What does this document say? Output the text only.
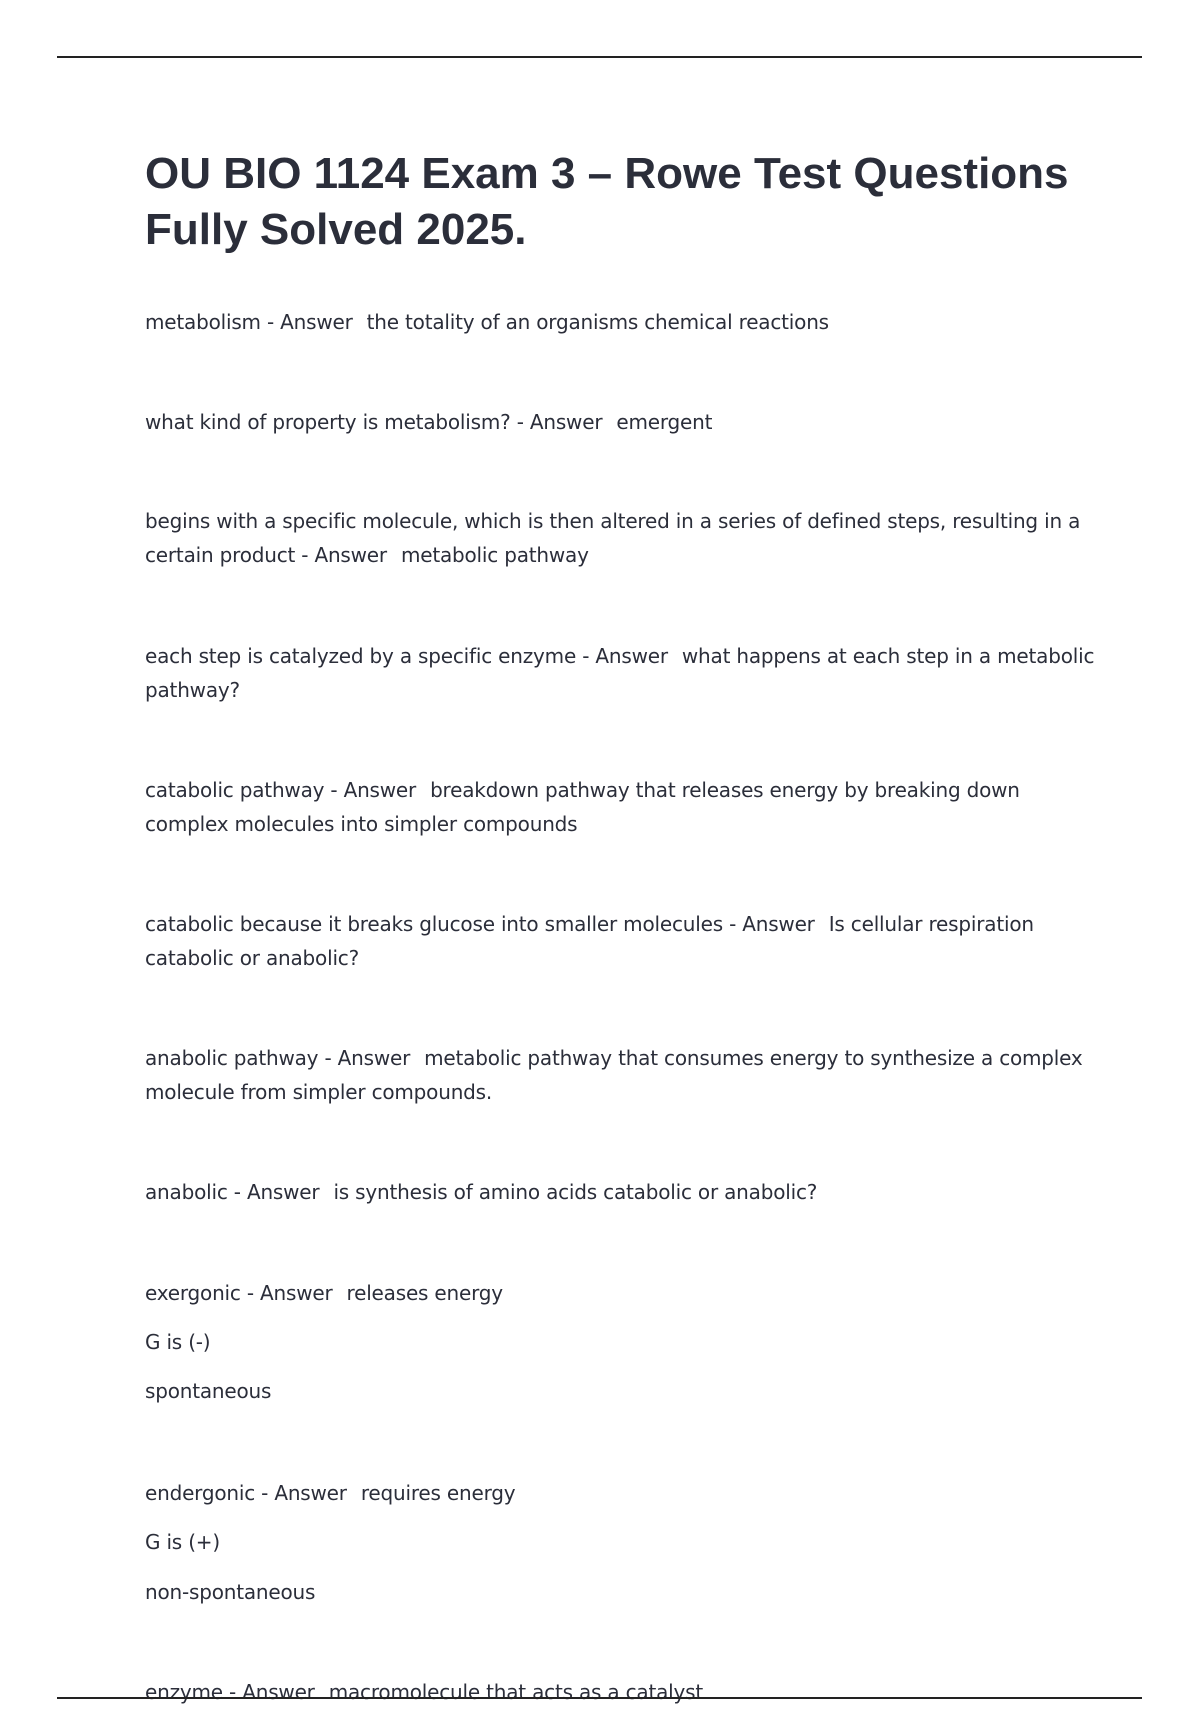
OU BIO 1124 Exam 3 – Rowe Test Questions Fully Solved 2025.
metabolism - Answer the totality of an organisms chemical reactions
what kind of property is metabolism? - Answer emergent
begins with a specific molecule, which is then altered in a series of defined steps, resulting in a certain product - Answer metabolic pathway
each step is catalyzed by a specific enzyme - Answer what happens at each step in a metabolic pathway?
catabolic pathway - Answer breakdown pathway that releases energy by breaking down complex molecules into simpler compounds
catabolic because it breaks glucose into smaller molecules - Answer Is cellular respiration catabolic or anabolic?
anabolic pathway - Answer metabolic pathway that consumes energy to synthesize a complex molecule from simpler compounds.
anabolic - Answer is synthesis of amino acids catabolic or anabolic?
exergonic - Answer releases energy
G is (-)
spontaneous
endergonic - Answer requires energy
G is (+)
non-spontaneous
enzyme - Answer macromolecule that acts as a catalyst
